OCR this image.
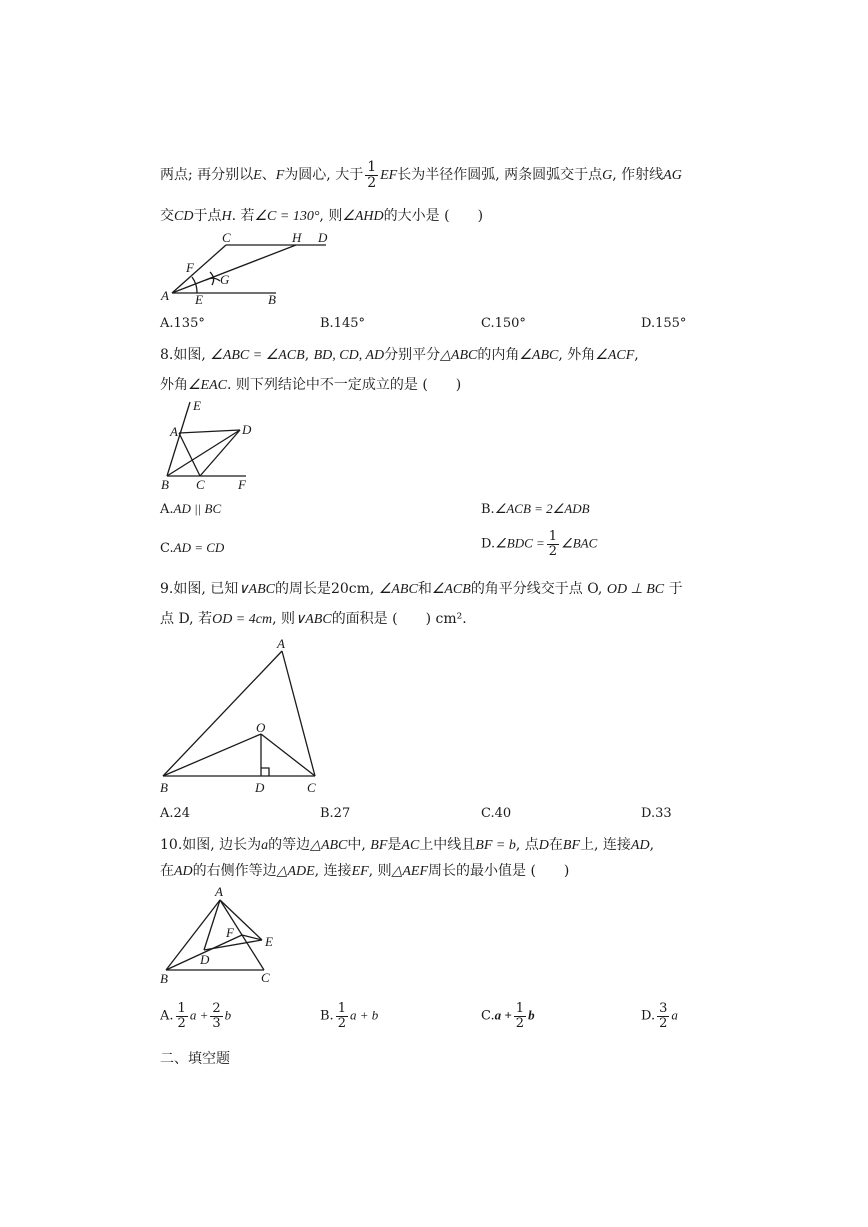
两点; 再分别以E、F为圆心, 大于 $\frac{1}{2}$ EF长为半径作圆弧, 两条圆弧交于点G, 作射线AG
交CD于点H. 若∠C = 130°, 则∠AHD的大小是 (　　)
C	H D
F
G
A E	B
A.135°	B.145°	C.150°	D.155°
8.如图, ∠ABC = ∠ACB, BD, CD, AD分别平分△ABC的内角∠ABC, 外角∠ACF,
外角∠EAC. 则下列结论中不一定成立的是 (　　)
E
A	D
B C	F
A.AD || BC	B.∠ACB = 2∠ADB
C.AD = CD	D.∠BDC = $\frac{1}{2}$ ∠BAC
9.如图, 已知∨ABC的周长是20cm, ∠ABC和∠ACB的角平分线交于点 O, OD ⊥ BC 于
点 D, 若OD = 4cm, 则∨ABC的面积是 (　　) cm².
A
O
B	D	C
A.24	B.27	C.40	D.33
10.如图, 边长为a的等边△ABC中, BF是AC上中线且BF = b, 点D在BF上, 连接AD,
在AD的右侧作等边△ADE, 连接EF, 则△AEF周长的最小值是 (　　)
A
F
E
D
B	C
A. $\frac{1}{2}$ $a + \frac{2}{3}$ b	B. $\frac{1}{2}$ a + b	$C.a + \frac{1}{2}$ b	D. $\frac{3}{2}$ a
二、填空题
